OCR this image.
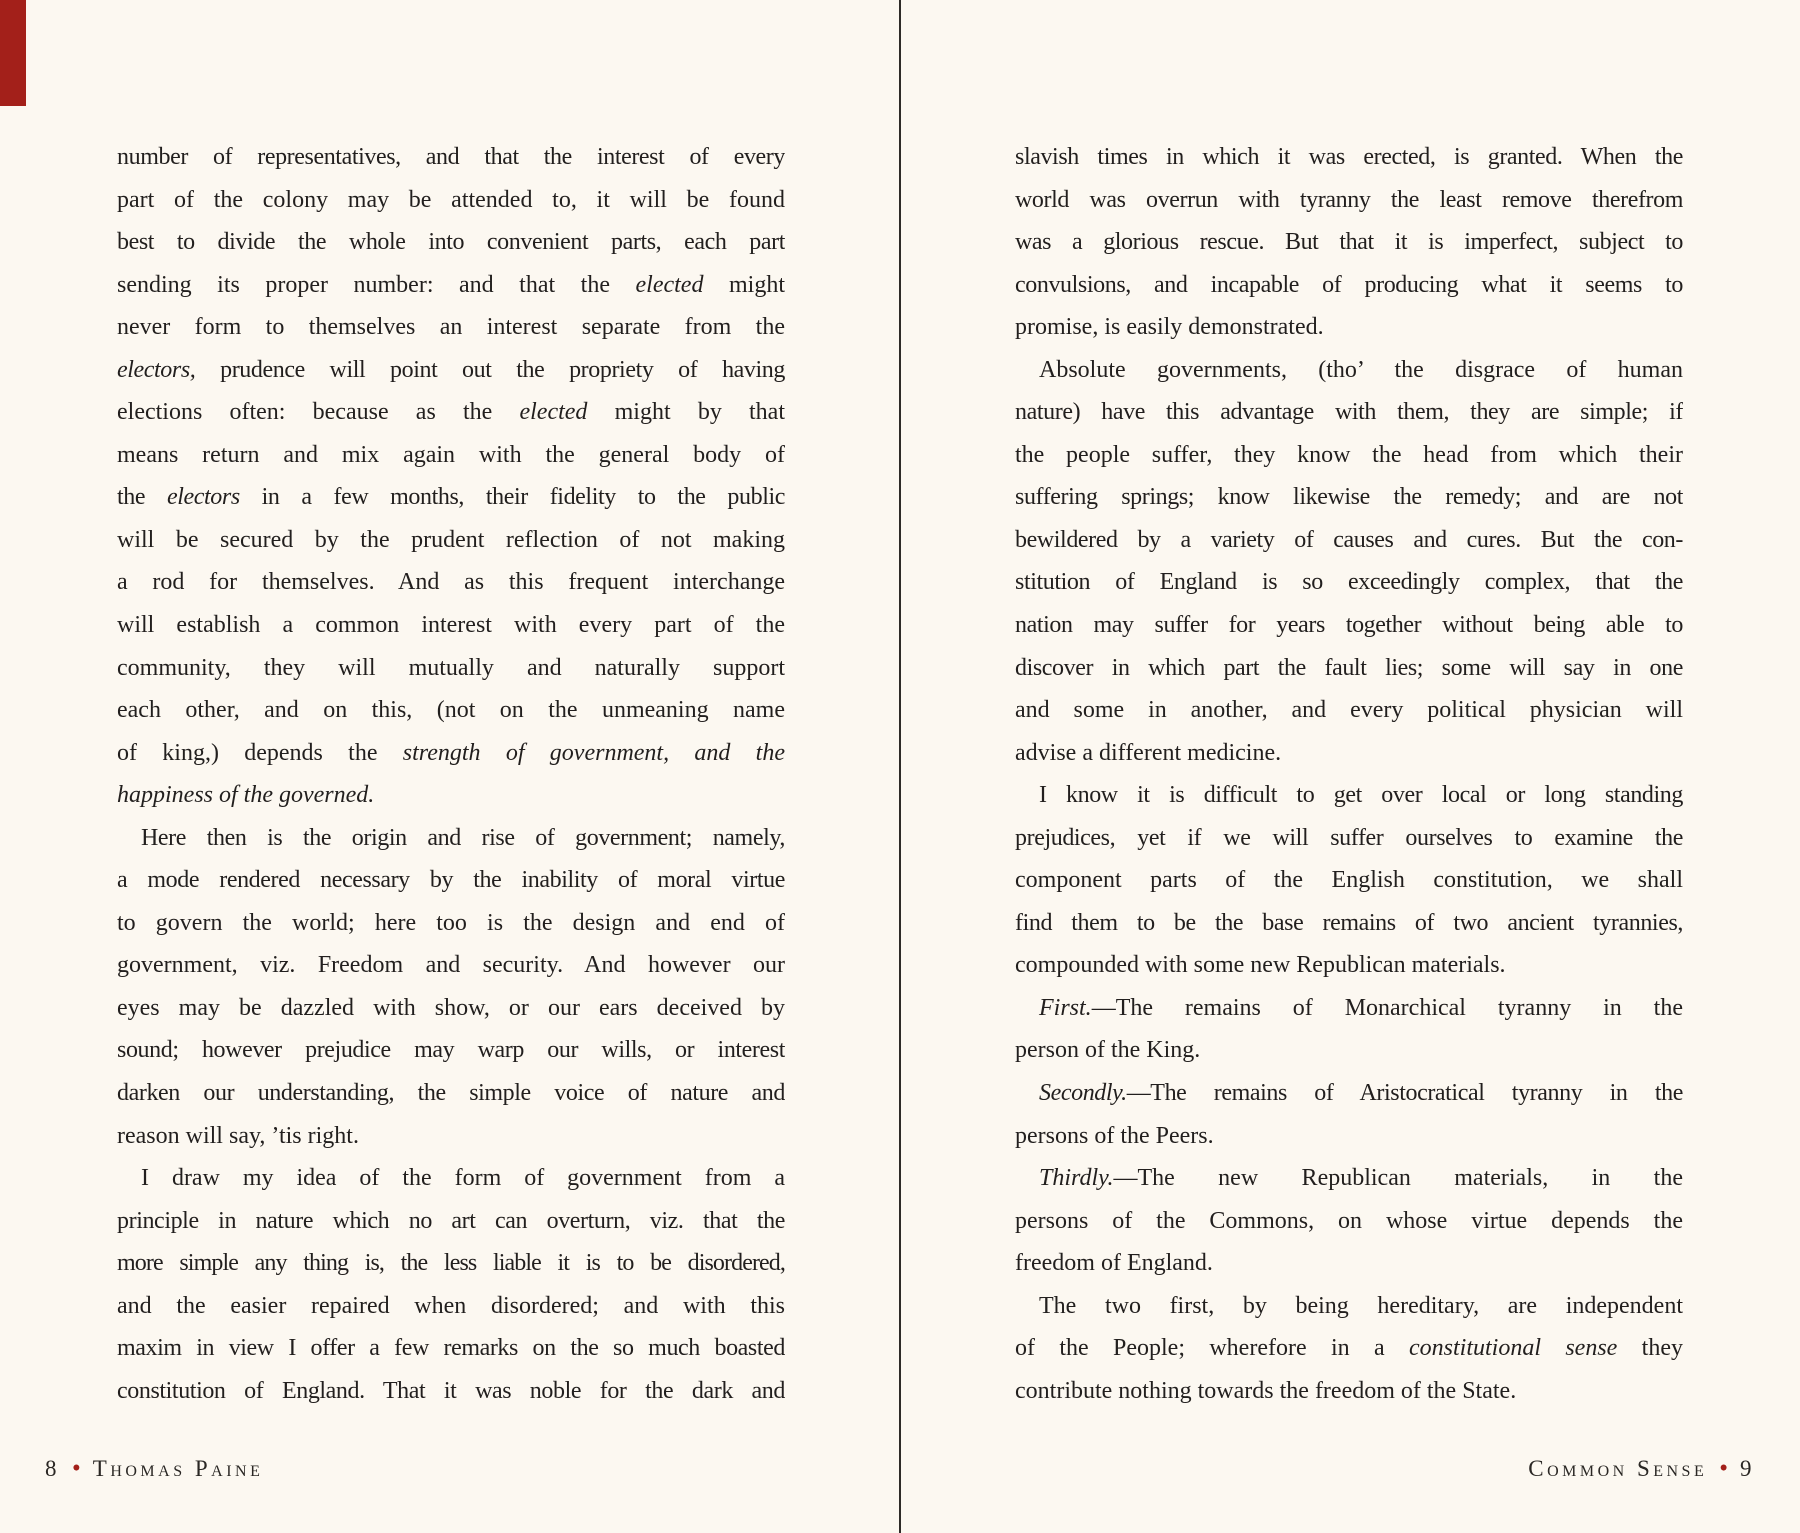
number of representatives, and that the interest of every
part of the colony may be attended to, it will be found
best to divide the whole into convenient parts, each part
sending its proper number: and that the elected might
never form to themselves an interest separate from the
electors, prudence will point out the propriety of having
elections often: because as the elected might by that
means return and mix again with the general body of
the electors in a few months, their fidelity to the public
will be secured by the prudent reflection of not making
a rod for themselves. And as this frequent interchange
will establish a common interest with every part of the
community, they will mutually and naturally support
each other, and on this, (not on the unmeaning name
of king,) depends the strength of government, and the
happiness of the governed.
Here then is the origin and rise of government; namely,
a mode rendered necessary by the inability of moral virtue
to govern the world; here too is the design and end of
government, viz. Freedom and security. And however our
eyes may be dazzled with show, or our ears deceived by
sound; however prejudice may warp our wills, or interest
darken our understanding, the simple voice of nature and
reason will say, ’tis right.
I draw my idea of the form of government from a
principle in nature which no art can overturn, viz. that the
more simple any thing is, the less liable it is to be disordered,
and the easier repaired when disordered; and with this
maxim in view I offer a few remarks on the so much boasted
constitution of England. That it was noble for the dark and
slavish times in which it was erected, is granted. When the
world was overrun with tyranny the least remove therefrom
was a glorious rescue. But that it is imperfect, subject to
convulsions, and incapable of producing what it seems to
promise, is easily demonstrated.
Absolute governments, (tho’ the disgrace of human
nature) have this advantage with them, they are simple; if
the people suffer, they know the head from which their
suffering springs; know likewise the remedy; and are not
bewildered by a variety of causes and cures. But the con-
stitution of England is so exceedingly complex, that the
nation may suffer for years together without being able to
discover in which part the fault lies; some will say in one
and some in another, and every political physician will
advise a different medicine.
I know it is difficult to get over local or long standing
prejudices, yet if we will suffer ourselves to examine the
component parts of the English constitution, we shall
find them to be the base remains of two ancient tyrannies,
compounded with some new Republican materials.
First.—The remains of Monarchical tyranny in the
person of the King.
Secondly.—The remains of Aristocratical tyranny in the
persons of the Peers.
Thirdly.—The new Republican materials, in the
persons of the Commons, on whose virtue depends the
freedom of England.
The two first, by being hereditary, are independent
of the People; wherefore in a constitutional sense they
contribute nothing towards the freedom of the State.
8 • Thomas Paine	Common Sense • 9
